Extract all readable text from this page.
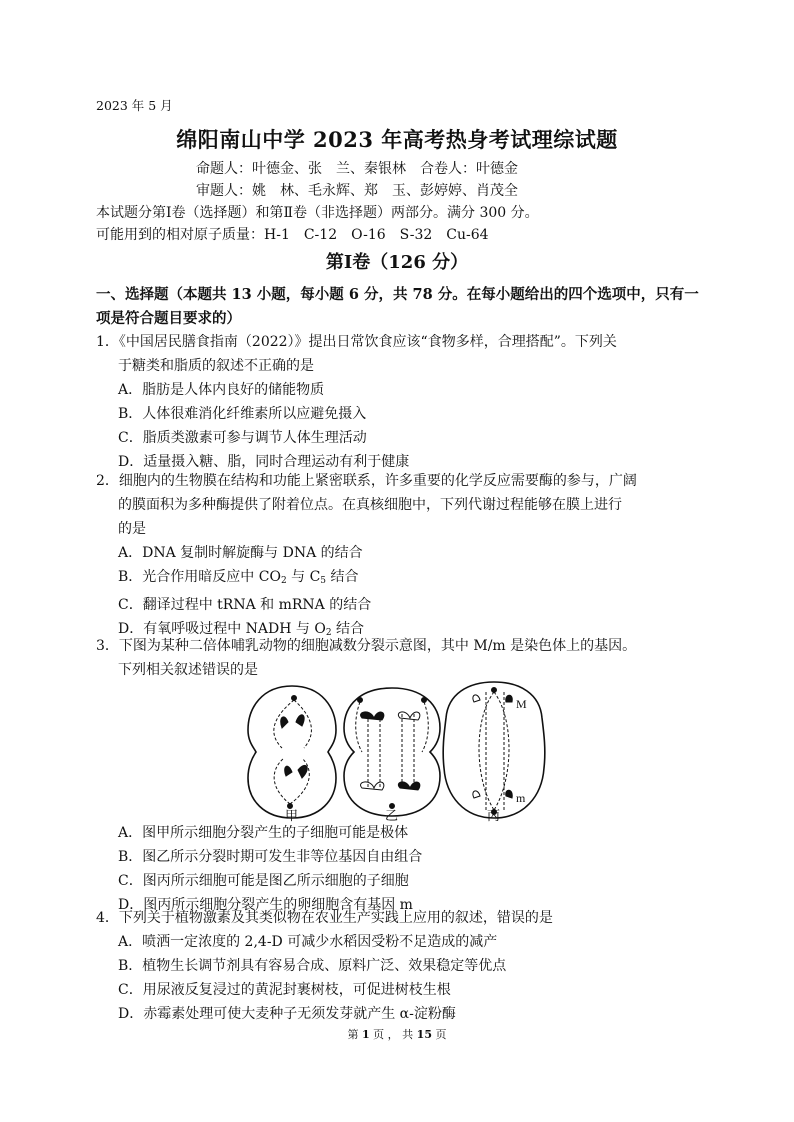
2023 年 5 月
绵阳南山中学 2023 年高考热身考试理综试题
命题人：叶德金、张　兰、秦银林　合卷人：叶德金
审题人：姚　林、毛永辉、郑　玉、彭婷婷、肖茂全
本试题分第Ⅰ卷（选择题）和第Ⅱ卷（非选择题）两部分。满分 300 分。
可能用到的相对原子质量：H-1　C-12　O-16　S-32　Cu-64
第Ⅰ卷（126 分）
一、选择题（本题共 13 小题，每小题 6 分，共 78 分。在每小题给出的四个选项中，只有一项是符合题目要求的）
1．《中国居民膳食指南（2022）》提出日常饮食应该“食物多样，合理搭配”。下列关
于糖类和脂质的叙述不正确的是
A．脂肪是人体内良好的储能物质
B．人体很难消化纤维素所以应避免摄入
C．脂质类激素可参与调节人体生理活动
D．适量摄入糖、脂，同时合理运动有利于健康
2．细胞内的生物膜在结构和功能上紧密联系，许多重要的化学反应需要酶的参与，广阔
的膜面积为多种酶提供了附着位点。在真核细胞中，下列代谢过程能够在膜上进行
的是
A．DNA 复制时解旋酶与 DNA 的结合
B．光合作用暗反应中 $CO_2$ 与 $C_5$ 结合
C．翻译过程中 tRNA 和 mRNA 的结合
D．有氧呼吸过程中 NADH 与 $O_2$ 结合
3．下图为某种二倍体哺乳动物的细胞减数分裂示意图，其中 M/m 是染色体上的基因。
下列相关叙述错误的是
M
m
甲	乙	丙
A．图甲所示细胞分裂产生的子细胞可能是极体
B．图乙所示分裂时期可发生非等位基因自由组合
C．图丙所示细胞可能是图乙所示细胞的子细胞
D．图丙所示细胞分裂产生的卵细胞含有基因 m
4．下列关于植物激素及其类似物在农业生产实践上应用的叙述，错误的是
A．喷洒一定浓度的 2,4-D 可减少水稻因受粉不足造成的减产
B．植物生长调节剂具有容易合成、原料广泛、效果稳定等优点
C．用尿液反复浸过的黄泥封裹树枝，可促进树枝生根
D．赤霉素处理可使大麦种子无须发芽就产生 α-淀粉酶
第 1 页 ， 共 15 页
